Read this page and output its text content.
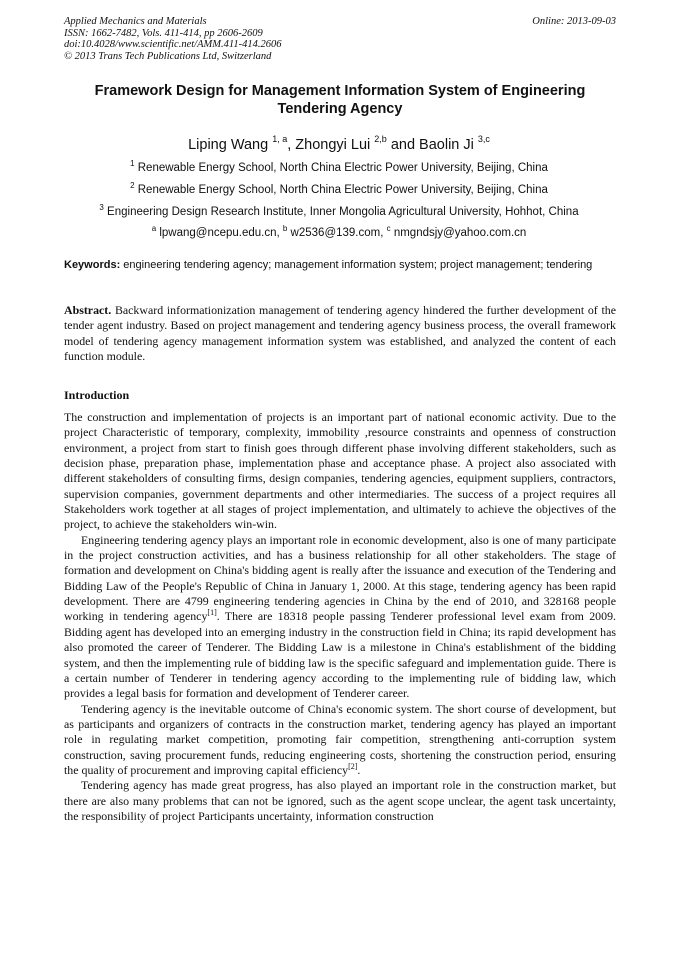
Applied Mechanics and Materials
ISSN: 1662-7482, Vols. 411-414, pp 2606-2609
doi:10.4028/www.scientific.net/AMM.411-414.2606
© 2013 Trans Tech Publications Ltd, Switzerland
Online: 2013-09-03
Framework Design for Management Information System of Engineering Tendering Agency
Liping Wang $^{1, a}$, Zhongyi Lui $^{2,b}$ and Baolin Ji $^{3,c}$
$^1$ Renewable Energy School, North China Electric Power University, Beijing, China
$^2$ Renewable Energy School, North China Electric Power University, Beijing, China
$^3$ Engineering Design Research Institute, Inner Mongolia Agricultural University, Hohhot, China
$^a$ lpwang@ncepu.edu.cn, $^b$ w2536@139.com, $^c$ nmgndsjy@yahoo.com.cn
Keywords: engineering tendering agency; management information system; project management; tendering
Abstract. Backward informationization management of tendering agency hindered the further development of the tender agent industry. Based on project management and tendering agency business process, the overall framework model of tendering agency management information system was established, and analyzed the content of each function module.
Introduction

The construction and implementation of projects is an important part of national economic activity. Due to the project Characteristic of temporary, complexity, immobility ,resource constraints and openness of construction environment, a project from start to finish goes through different phase involving different stakeholders, such as decision phase, preparation phase, implementation phase and acceptance phase. A project also associated with different stakeholders of consulting firms, design companies, tendering agencies, equipment suppliers, contractors, supervision companies, government departments and other intermediaries. The success of a project requires all Stakeholders work together at all stages of project implementation, and ultimately to achieve the objectives of the project, to achieve the stakeholders win-win.

Engineering tendering agency plays an important role in economic development, also is one of many participate in the project construction activities, and has a business relationship for all other stakeholders. The stage of formation and development on China's bidding agent is really after the issuance and execution of the Tendering and Bidding Law of the People's Republic of China in January 1, 2000. At this stage, tendering agency has been rapid development. There are 4799 engineering tendering agencies in China by the end of 2010, and 328168 people working in tendering agency[1]. There are 18318 people passing Tenderer professional level exam from 2009. Bidding agent has developed into an emerging industry in the construction field in China; its rapid development has also promoted the career of Tenderer. The Bidding Law is a milestone in China's establishment of the bidding system, and then the implementing rule of bidding law is the specific safeguard and implementation guide. There is a certain number of Tenderer in tendering agency according to the implementing rule of bidding law, which provides a legal basis for formation and development of Tenderer career.

Tendering agency is the inevitable outcome of China's economic system. The short course of development, but as participants and organizers of contracts in the construction market, tendering agency has played an important role in regulating market competition, promoting fair competition, strengthening anti-corruption system construction, saving procurement funds, reducing engineering costs, shortening the construction period, ensuring the quality of procurement and improving capital efficiency[2].

Tendering agency has made great progress, has also played an important role in the construction market, but there are also many problems that can not be ignored, such as the agent scope unclear, the agent task uncertainty, the responsibility of project Participants uncertainty, information construction
